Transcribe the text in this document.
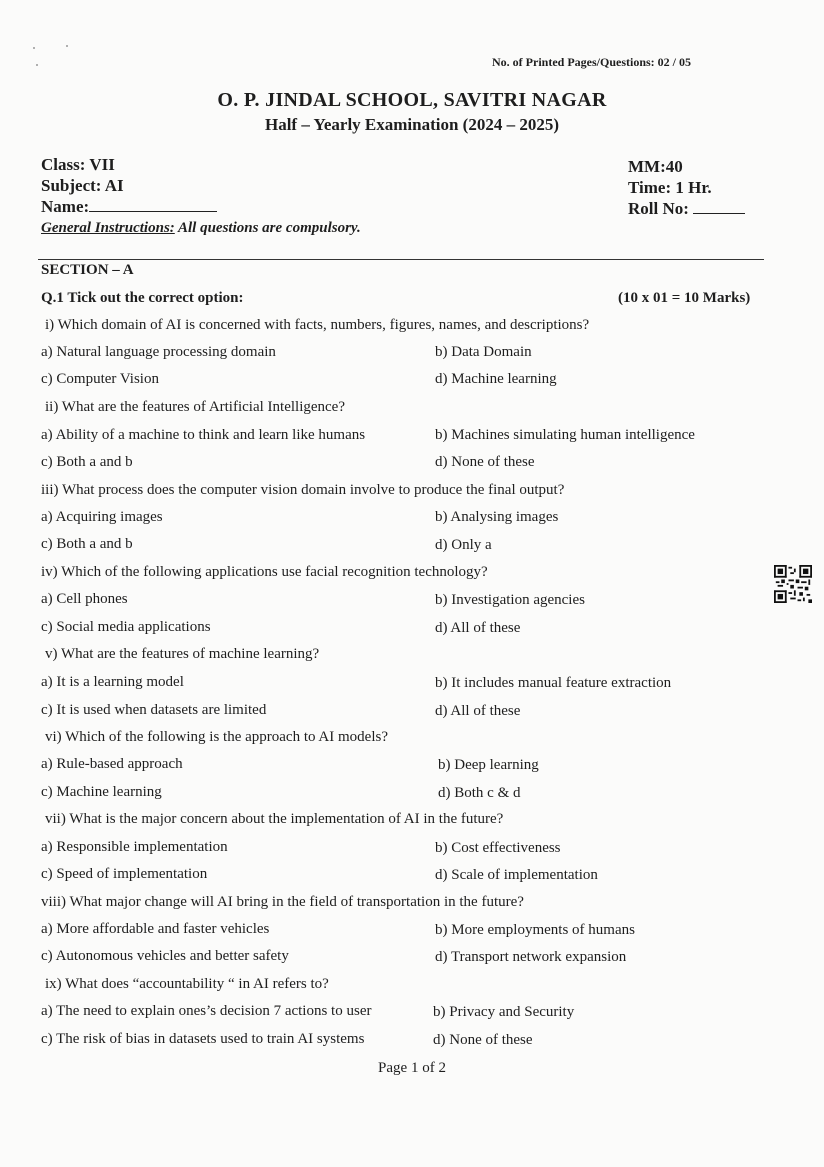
No. of Printed Pages/Questions: 02 / 05
O. P. JINDAL SCHOOL, SAVITRI NAGAR
Half – Yearly Examination (2024 – 2025)
Class: VII
Subject: AI
Name:
MM:40
Time: 1 Hr.
Roll No:
General Instructions: All questions are compulsory.
SECTION – A
Q.1 Tick out the correct option:	(10 x 01 = 10 Marks)
i) Which domain of AI is concerned with facts, numbers, figures, names, and descriptions?
a) Natural language processing domain	b) Data Domain
c) Computer Vision	d) Machine learning
ii) What are the features of Artificial Intelligence?
a) Ability of a machine to think and learn like humans	b) Machines simulating human intelligence
c) Both a and b	d) None of these
iii) What process does the computer vision domain involve to produce the final output?
a) Acquiring images	b) Analysing images
c) Both a and b	d) Only a
iv) Which of the following applications use facial recognition technology?
a) Cell phones	b) Investigation agencies
c) Social media applications	d) All of these
v) What are the features of machine learning?
a) It is a learning model	b) It includes manual feature extraction
c) It is used when datasets are limited	d) All of these
vi) Which of the following is the approach to AI models?
a) Rule-based approach	b) Deep learning
c) Machine learning	d) Both c & d
vii) What is the major concern about the implementation of AI in the future?
a) Responsible implementation	b) Cost effectiveness
c) Speed of implementation	d) Scale of implementation
viii) What major change will AI bring in the field of transportation in the future?
a) More affordable and faster vehicles	b) More employments of humans
c) Autonomous vehicles and better safety	d) Transport network expansion
ix) What does “accountability “ in AI refers to?
a) The need to explain ones’s decision 7 actions to user	b) Privacy and Security
c) The risk of bias in datasets used to train AI systems	d) None of these
Page 1 of 2
